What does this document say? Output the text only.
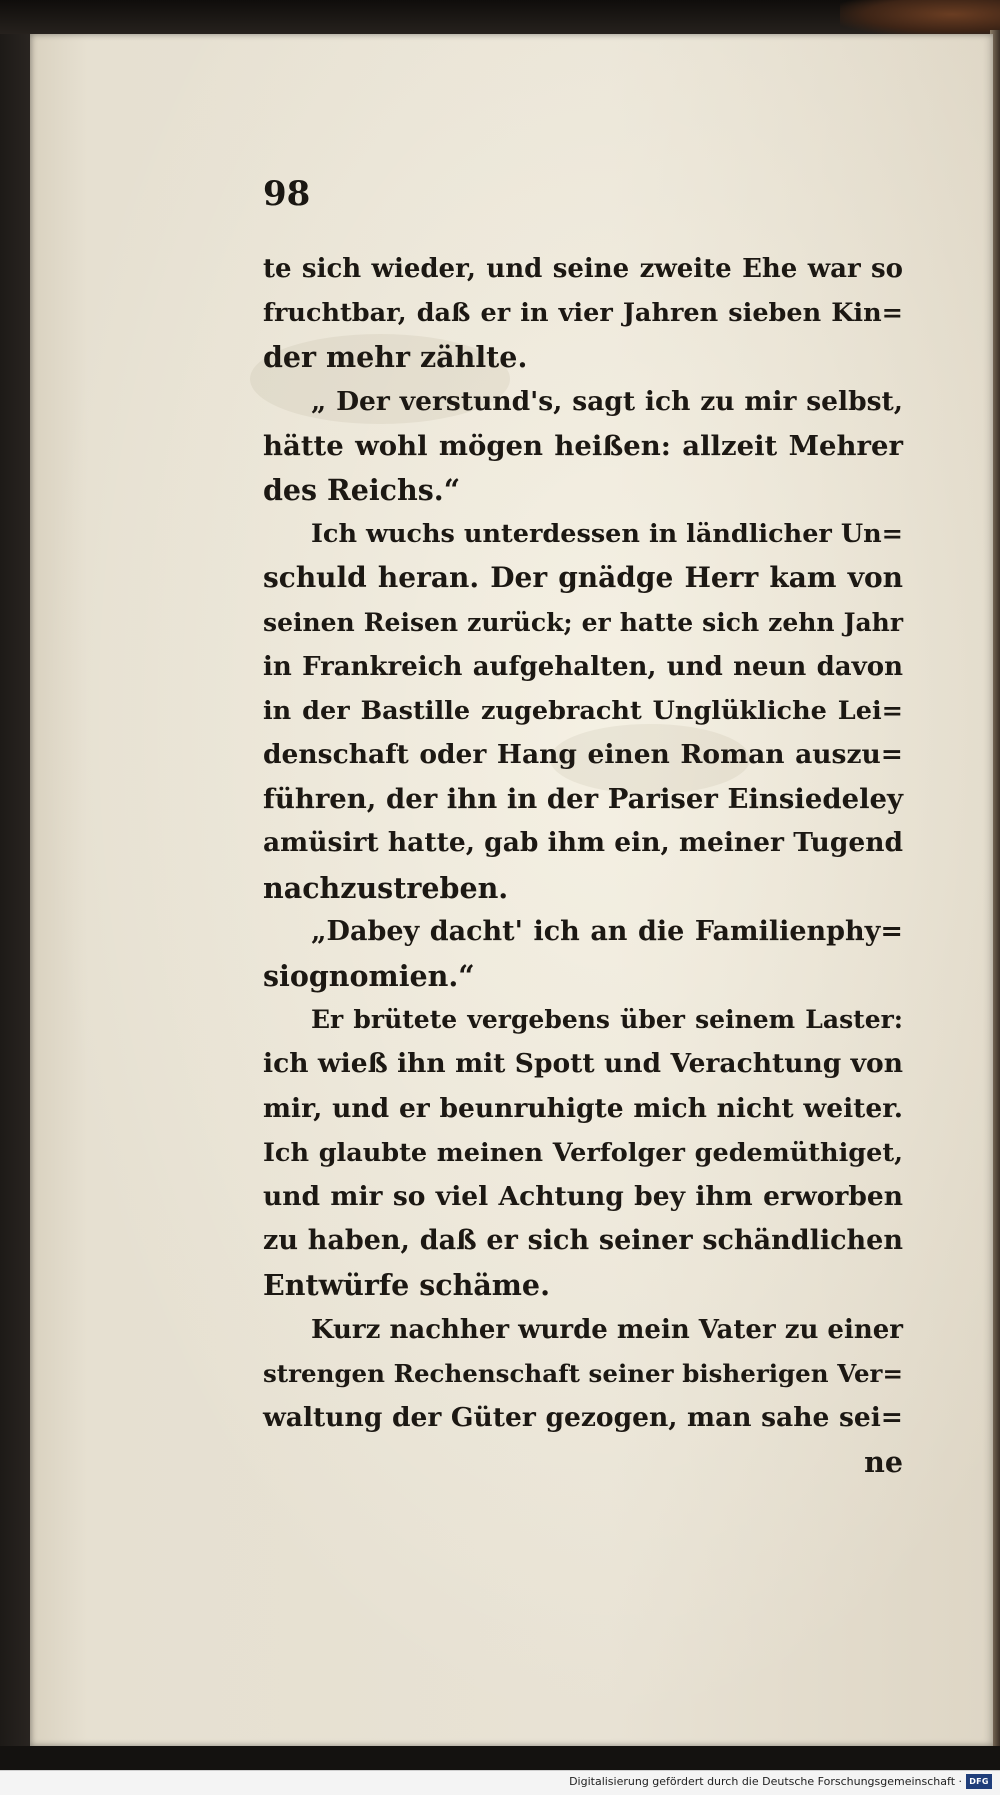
98
te sich wieder, und seine zweite Ehe war so
fruchtbar, daß er in vier Jahren sieben Kin=
der mehr zählte.
„ Der verstund's, sagt ich zu mir selbst,
hätte wohl mögen heißen: allzeit Mehrer
des Reichs.“
Ich wuchs unterdessen in ländlicher Un=
schuld heran. Der gnädge Herr kam von
seinen Reisen zurück; er hatte sich zehn Jahr
in Frankreich aufgehalten, und neun davon
in der Bastille zugebracht Unglükliche Lei=
denschaft oder Hang einen Roman auszu=
führen, der ihn in der Pariser Einsiedeley
amüsirt hatte, gab ihm ein, meiner Tugend
nachzustreben.
„Dabey dacht' ich an die Familienphy=
siognomien.“
Er brütete vergebens über seinem Laster:
ich wieß ihn mit Spott und Verachtung von
mir, und er beunruhigte mich nicht weiter.
Ich glaubte meinen Verfolger gedemüthiget,
und mir so viel Achtung bey ihm erworben
zu haben, daß er sich seiner schändlichen
Entwürfe schäme.
Kurz nachher wurde mein Vater zu einer
strengen Rechenschaft seiner bisherigen Ver=
waltung der Güter gezogen, man sahe sei=
ne
Digitalisierung gefördert durch die Deutsche Forschungsgemeinschaft · DFG
